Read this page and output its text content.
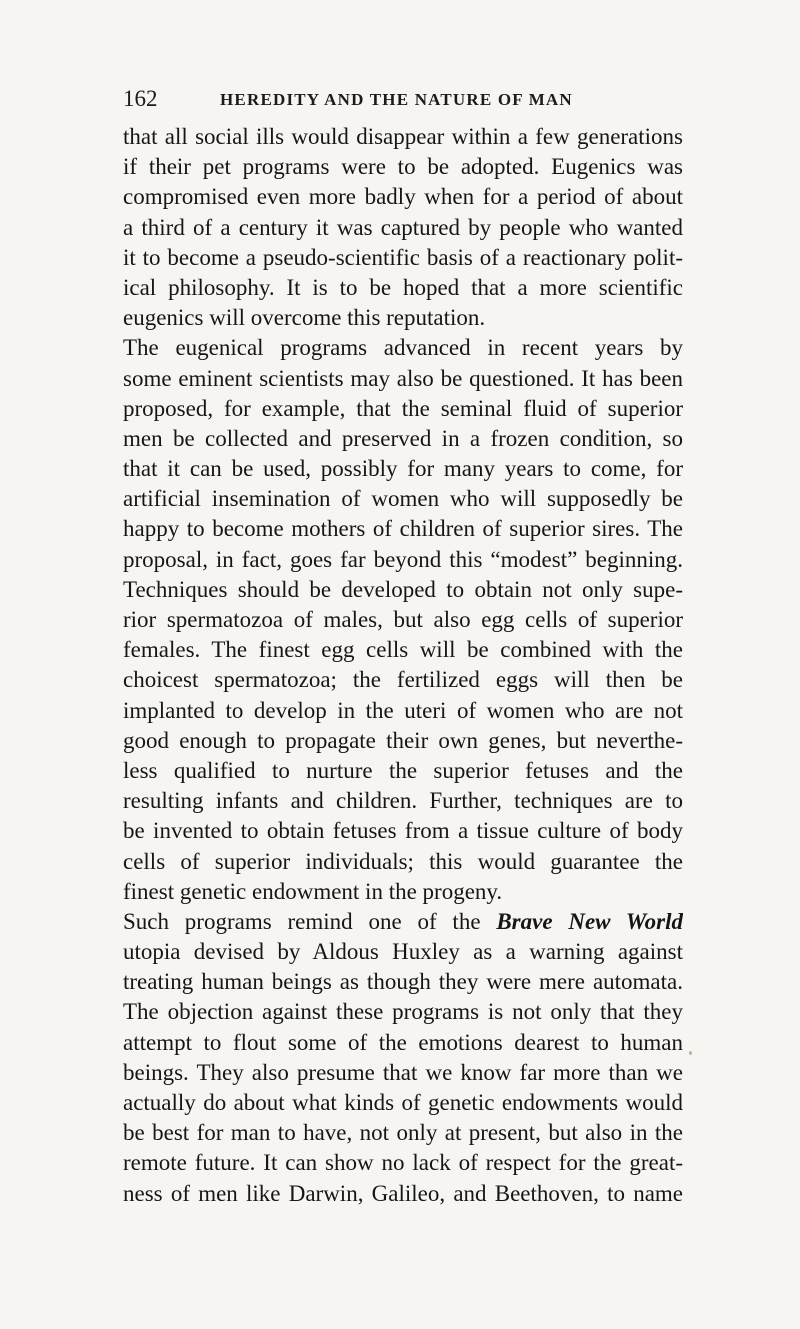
162	HEREDITY AND THE NATURE OF MAN
that all social ills would disappear within a few generations
if their pet programs were to be adopted. Eugenics was
compromised even more badly when for a period of about
a third of a century it was captured by people who wanted
it to become a pseudo-scientific basis of a reactionary polit-
ical philosophy. It is to be hoped that a more scientific
eugenics will overcome this reputation.
The eugenical programs advanced in recent years by
some eminent scientists may also be questioned. It has been
proposed, for example, that the seminal fluid of superior
men be collected and preserved in a frozen condition, so
that it can be used, possibly for many years to come, for
artificial insemination of women who will supposedly be
happy to become mothers of children of superior sires. The
proposal, in fact, goes far beyond this “modest” beginning.
Techniques should be developed to obtain not only supe-
rior spermatozoa of males, but also egg cells of superior
females. The finest egg cells will be combined with the
choicest spermatozoa; the fertilized eggs will then be
implanted to develop in the uteri of women who are not
good enough to propagate their own genes, but neverthe-
less qualified to nurture the superior fetuses and the
resulting infants and children. Further, techniques are to
be invented to obtain fetuses from a tissue culture of body
cells of superior individuals; this would guarantee the
finest genetic endowment in the progeny.
Such programs remind one of the Brave New World
utopia devised by Aldous Huxley as a warning against
treating human beings as though they were mere automata.
The objection against these programs is not only that they
attempt to flout some of the emotions dearest to human
beings. They also presume that we know far more than we
actually do about what kinds of genetic endowments would
be best for man to have, not only at present, but also in the
remote future. It can show no lack of respect for the great-
ness of men like Darwin, Galileo, and Beethoven, to name
